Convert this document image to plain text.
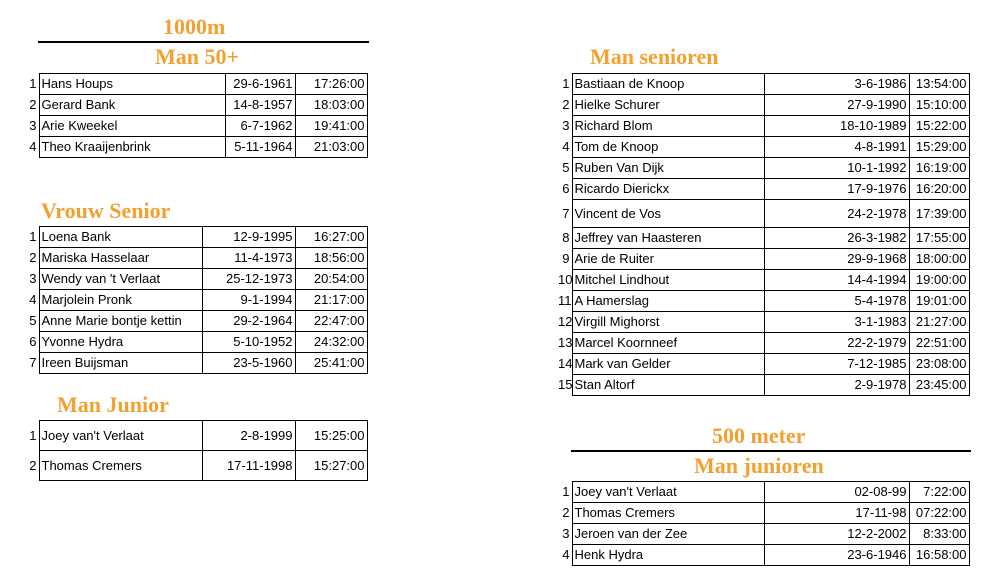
1000m
Man 50+
1	Hans Houps	29-6-1961	17:26:00
2	Gerard Bank	14-8-1957	18:03:00
3	Arie Kweekel	6-7-1962	19:41:00
4	Theo Kraaijenbrink	5-11-1964	21:03:00
Vrouw Senior
1	Loena Bank	12-9-1995	16:27:00
2	Mariska Hasselaar	11-4-1973	18:56:00
3	Wendy van 't Verlaat	25-12-1973	20:54:00
4	Marjolein Pronk	9-1-1994	21:17:00
5	Anne Marie bontje kettin	29-2-1964	22:47:00
6	Yvonne Hydra	5-10-1952	24:32:00
7	Ireen Buijsman	23-5-1960	25:41:00
Man Junior
1	Joey van't Verlaat	2-8-1999	15:25:00
2	Thomas Cremers	17-11-1998	15:27:00
Man senioren
1	Bastiaan de Knoop	3-6-1986	13:54:00
2	Hielke Schurer	27-9-1990	15:10:00
3	Richard Blom	18-10-1989	15:22:00
4	Tom de Knoop	4-8-1991	15:29:00
5	Ruben Van Dijk	10-1-1992	16:19:00
6	Ricardo Dierickx	17-9-1976	16:20:00
7	Vincent de Vos	24-2-1978	17:39:00
8	Jeffrey van Haasteren	26-3-1982	17:55:00
9	Arie de Ruiter	29-9-1968	18:00:00
10	Mitchel Lindhout	14-4-1994	19:00:00
11	A Hamerslag	5-4-1978	19:01:00
12	Virgill Mighorst	3-1-1983	21:27:00
13	Marcel Koornneef	22-2-1979	22:51:00
14	Mark van Gelder	7-12-1985	23:08:00
15	Stan Altorf	2-9-1978	23:45:00
500 meter
Man junioren
1	Joey van't Verlaat	02-08-99	7:22:00
2	Thomas Cremers	17-11-98	07:22:00
3	Jeroen van der Zee	12-2-2002	8:33:00
4	Henk Hydra	23-6-1946	16:58:00
